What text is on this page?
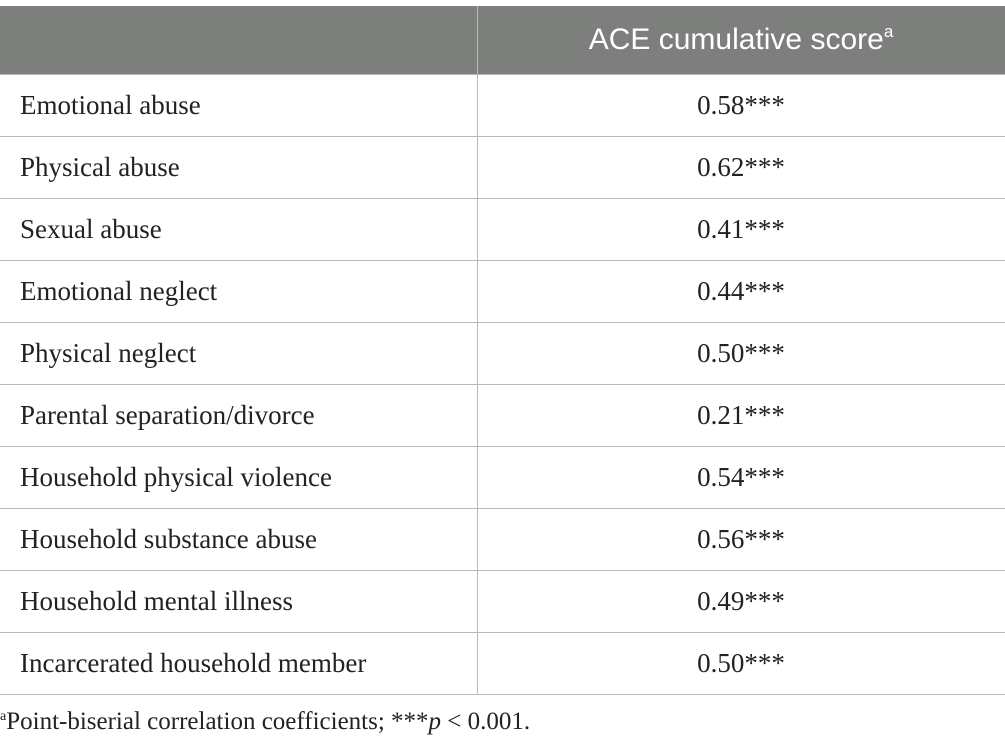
	ACE cumulative score$^a$
Emotional abuse	0.58***
Physical abuse	0.62***
Sexual abuse	0.41***
Emotional neglect	0.44***
Physical neglect	0.50***
Parental separation/divorce	0.21***
Household physical violence	0.54***
Household substance abuse	0.56***
Household mental illness	0.49***
Incarcerated household member	0.50***
$^a$Point-biserial correlation coefficients; ***p < 0.001.
